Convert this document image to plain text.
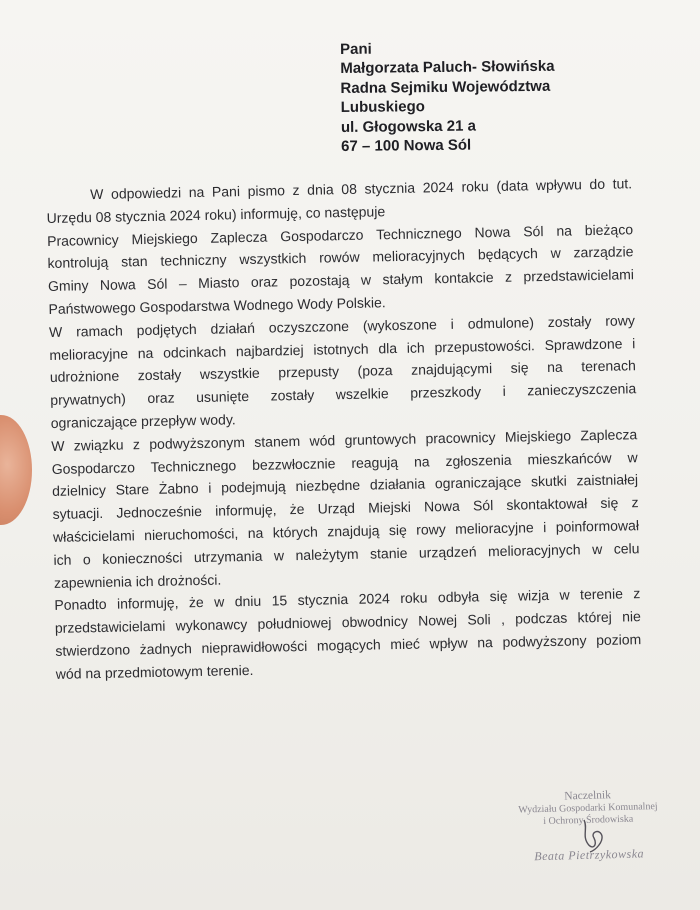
Pani
Małgorzata Paluch- Słowińska
Radna Sejmiku Województwa
Lubuskiego
ul. Głogowska 21 a
67 – 100 Nowa Sól
W odpowiedzi na Pani pismo z dnia 08 stycznia 2024 roku (data wpływu do tut.
Urzędu 08 stycznia 2024 roku) informuję, co następuje
Pracownicy Miejskiego Zaplecza Gospodarczo Technicznego Nowa Sól na bieżąco
kontrolują stan techniczny wszystkich rowów melioracyjnych będących w zarządzie
Gminy Nowa Sól – Miasto oraz pozostają w stałym kontakcie z przedstawicielami
Państwowego Gospodarstwa Wodnego Wody Polskie.
W ramach podjętych działań oczyszczone (wykoszone i odmulone) zostały rowy
melioracyjne na odcinkach najbardziej istotnych dla ich przepustowości. Sprawdzone i
udrożnione zostały wszystkie przepusty (poza znajdującymi się na terenach
prywatnych) oraz usunięte zostały wszelkie przeszkody i zanieczyszczenia
ograniczające przepływ wody.
W związku z podwyższonym stanem wód gruntowych pracownicy Miejskiego Zaplecza
Gospodarczo Technicznego bezzwłocznie reagują na zgłoszenia mieszkańców w
dzielnicy Stare Żabno i podejmują niezbędne działania ograniczające skutki zaistniałej
sytuacji. Jednocześnie informuję, że Urząd Miejski Nowa Sól skontaktował się z
właścicielami nieruchomości, na których znajdują się rowy melioracyjne i poinformował
ich o konieczności utrzymania w należytym stanie urządzeń melioracyjnych w celu
zapewnienia ich drożności.
Ponadto informuję, że w dniu 15 stycznia 2024 roku odbyła się wizja w terenie z
przedstawicielami wykonawcy południowej obwodnicy Nowej Soli , podczas której nie
stwierdzono żadnych nieprawidłowości mogących mieć wpływ na podwyższony poziom
wód na przedmiotowym terenie.
Naczelnik
Wydziału Gospodarki Komunalnej
i Ochrony Środowiska
Beata Pietrzykowska
